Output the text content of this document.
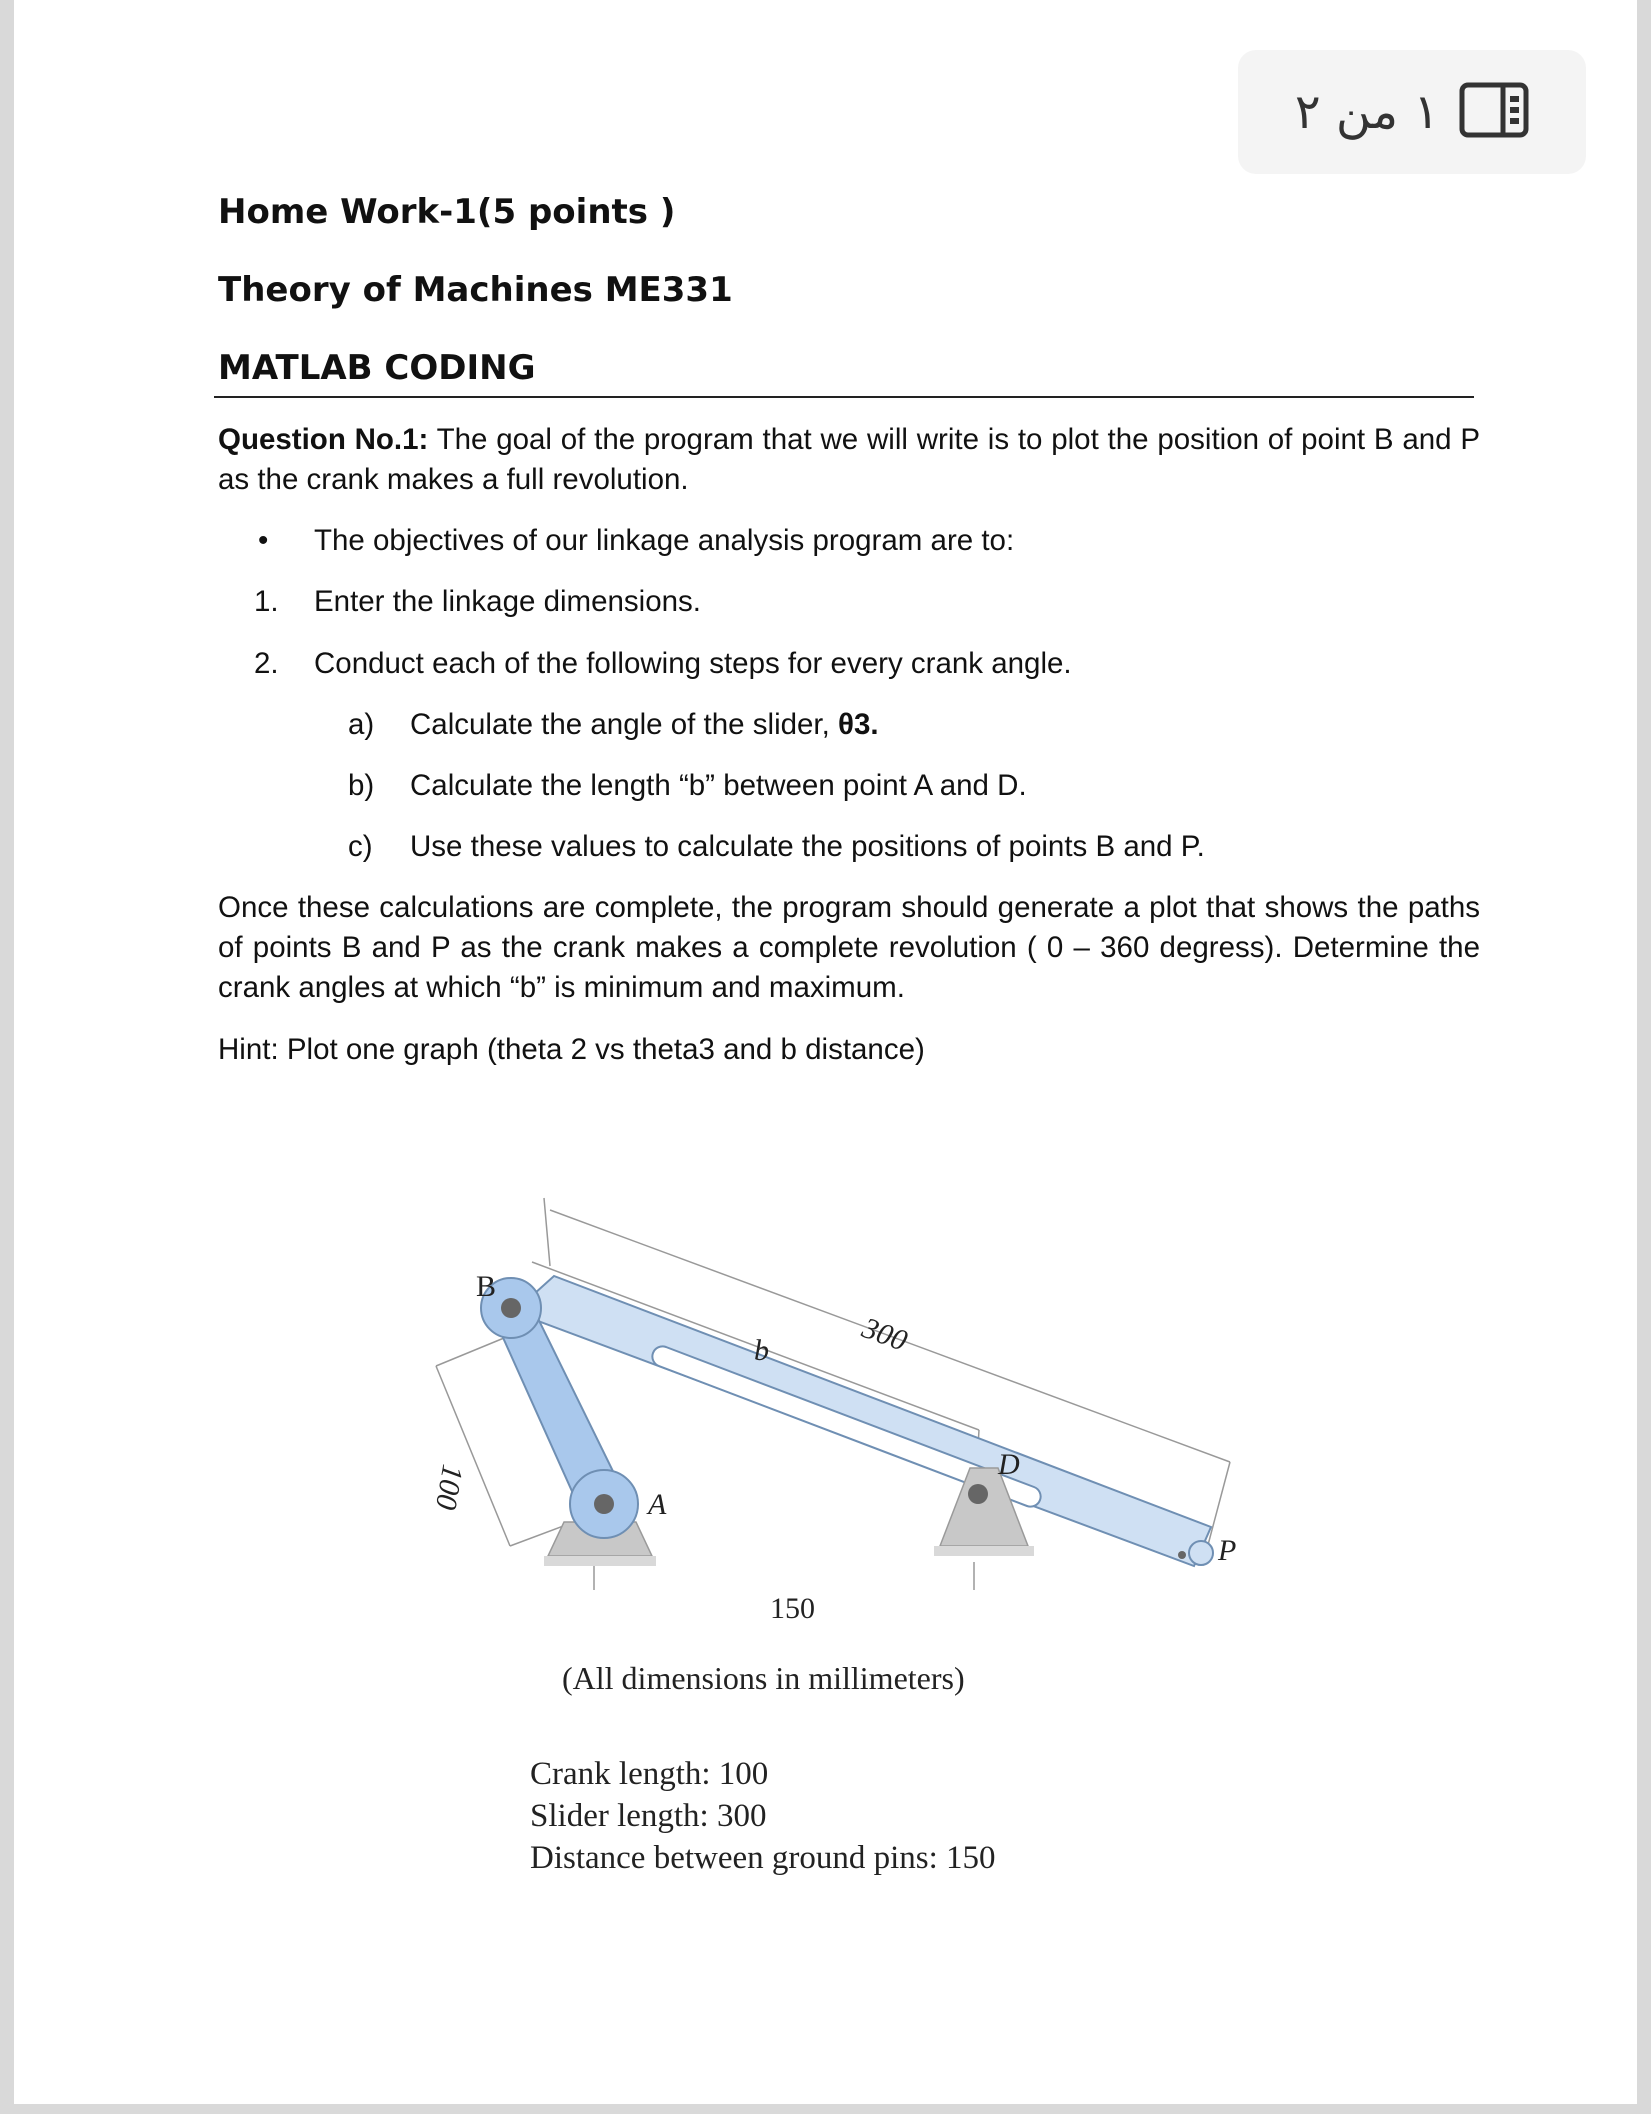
١ من ٢
Home Work-1(5 points )
Theory of Machines ME331
MATLAB CODING
Question No.1: The goal of the program that we will write is to plot the position of point B and P as the crank makes a full revolution.
• The objectives of our linkage analysis program are to:
1. Enter the linkage dimensions.
2. Conduct each of the following steps for every crank angle.
a) Calculate the angle of the slider, θ3.
b) Calculate the length “b” between point A and D.
c) Use these values to calculate the positions of points B and P.
Once these calculations are complete, the program should generate a plot that shows the paths of points B and P as the crank makes a complete revolution ( 0 – 360 degress). Determine the crank angles at which “b” is minimum and maximum.
Hint: Plot one graph (theta 2 vs theta3 and b distance)
B
A
D
P
b	300
100
150
(All dimensions in millimeters)
Crank length: 100
Slider length: 300
Distance between ground pins: 150
